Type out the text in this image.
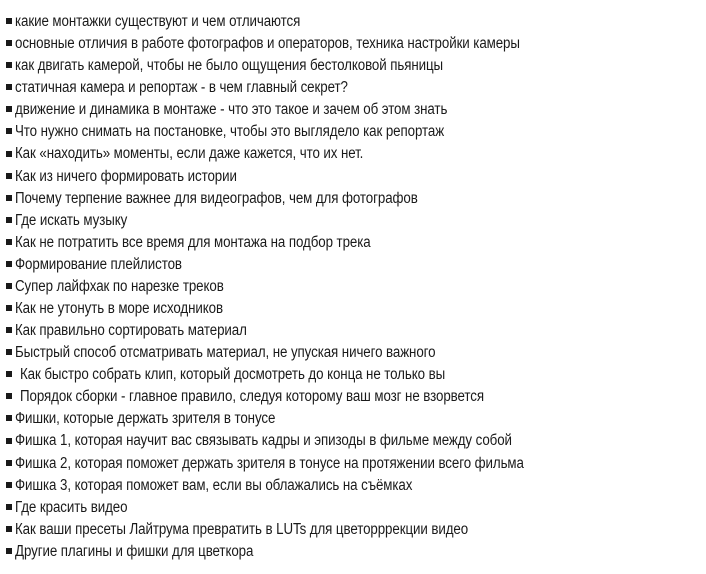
какие монтажки существуют и чем отличаются
основные отличия в работе фотографов и операторов, техника настройки камеры
как двигать камерой, чтобы не было ощущения бестолковой пьяницы
статичная камера и репортаж - в чем главный секрет?
движение и динамика в монтаже - что это такое и зачем об этом знать
Что нужно снимать на постановке, чтобы это выглядело как репортаж
Как «находить» моменты, если даже кажется, что их нет.
Как из ничего формировать истории
Почему терпение важнее для видеографов, чем для фотографов
Где искать музыку
Как не потратить все время для монтажа на подбор трека
Формирование плейлистов
Супер лайфхак по нарезке треков
Как не утонуть в море исходников
Как правильно сортировать материал
Быстрый способ отсматривать материал, не упуская ничего важного
Как быстро собрать клип, который досмотреть до конца не только вы
Порядок сборки - главное правило, следуя которому ваш мозг не взорвется
Фишки, которые держать зрителя в тонусе
Фишка 1, которая научит вас связывать кадры и эпизоды в фильме между собой
Фишка 2, которая поможет держать зрителя в тонусе на протяжении всего фильма
Фишка 3, которая поможет вам, если вы облажались на съёмках
Где красить видео
Как ваши пресеты Лайтрума превратить в LUTs для цветорррекции видео
Другие плагины и фишки для цветкора
